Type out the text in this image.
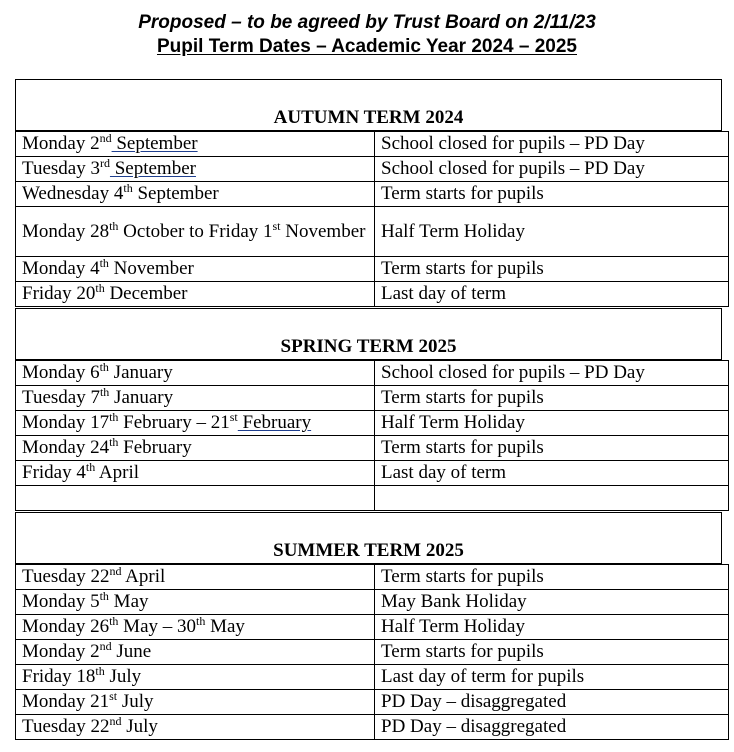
Proposed – to be agreed by Trust Board on 2/11/23
Pupil Term Dates – Academic Year 2024 – 2025
AUTUMN TERM 2024
Monday 2nd September	School closed for pupils – PD Day
Tuesday 3rd September	School closed for pupils – PD Day
Wednesday 4th September	Term starts for pupils
Monday 28th October to Friday 1st November	Half Term Holiday
Monday 4th November	Term starts for pupils
Friday 20th December	Last day of term
SPRING TERM 2025
Monday 6th January	School closed for pupils – PD Day
Tuesday 7th January	Term starts for pupils
Monday 17th February – 21st February	Half Term Holiday
Monday 24th February	Term starts for pupils
Friday 4th April	Last day of term

SUMMER TERM 2025
Tuesday 22nd April	Term starts for pupils
Monday 5th May	May Bank Holiday
Monday 26th May – 30th May	Half Term Holiday
Monday 2nd June	Term starts for pupils
Friday 18th July	Last day of term for pupils
Monday 21st July	PD Day – disaggregated
Tuesday 22nd July	PD Day – disaggregated
